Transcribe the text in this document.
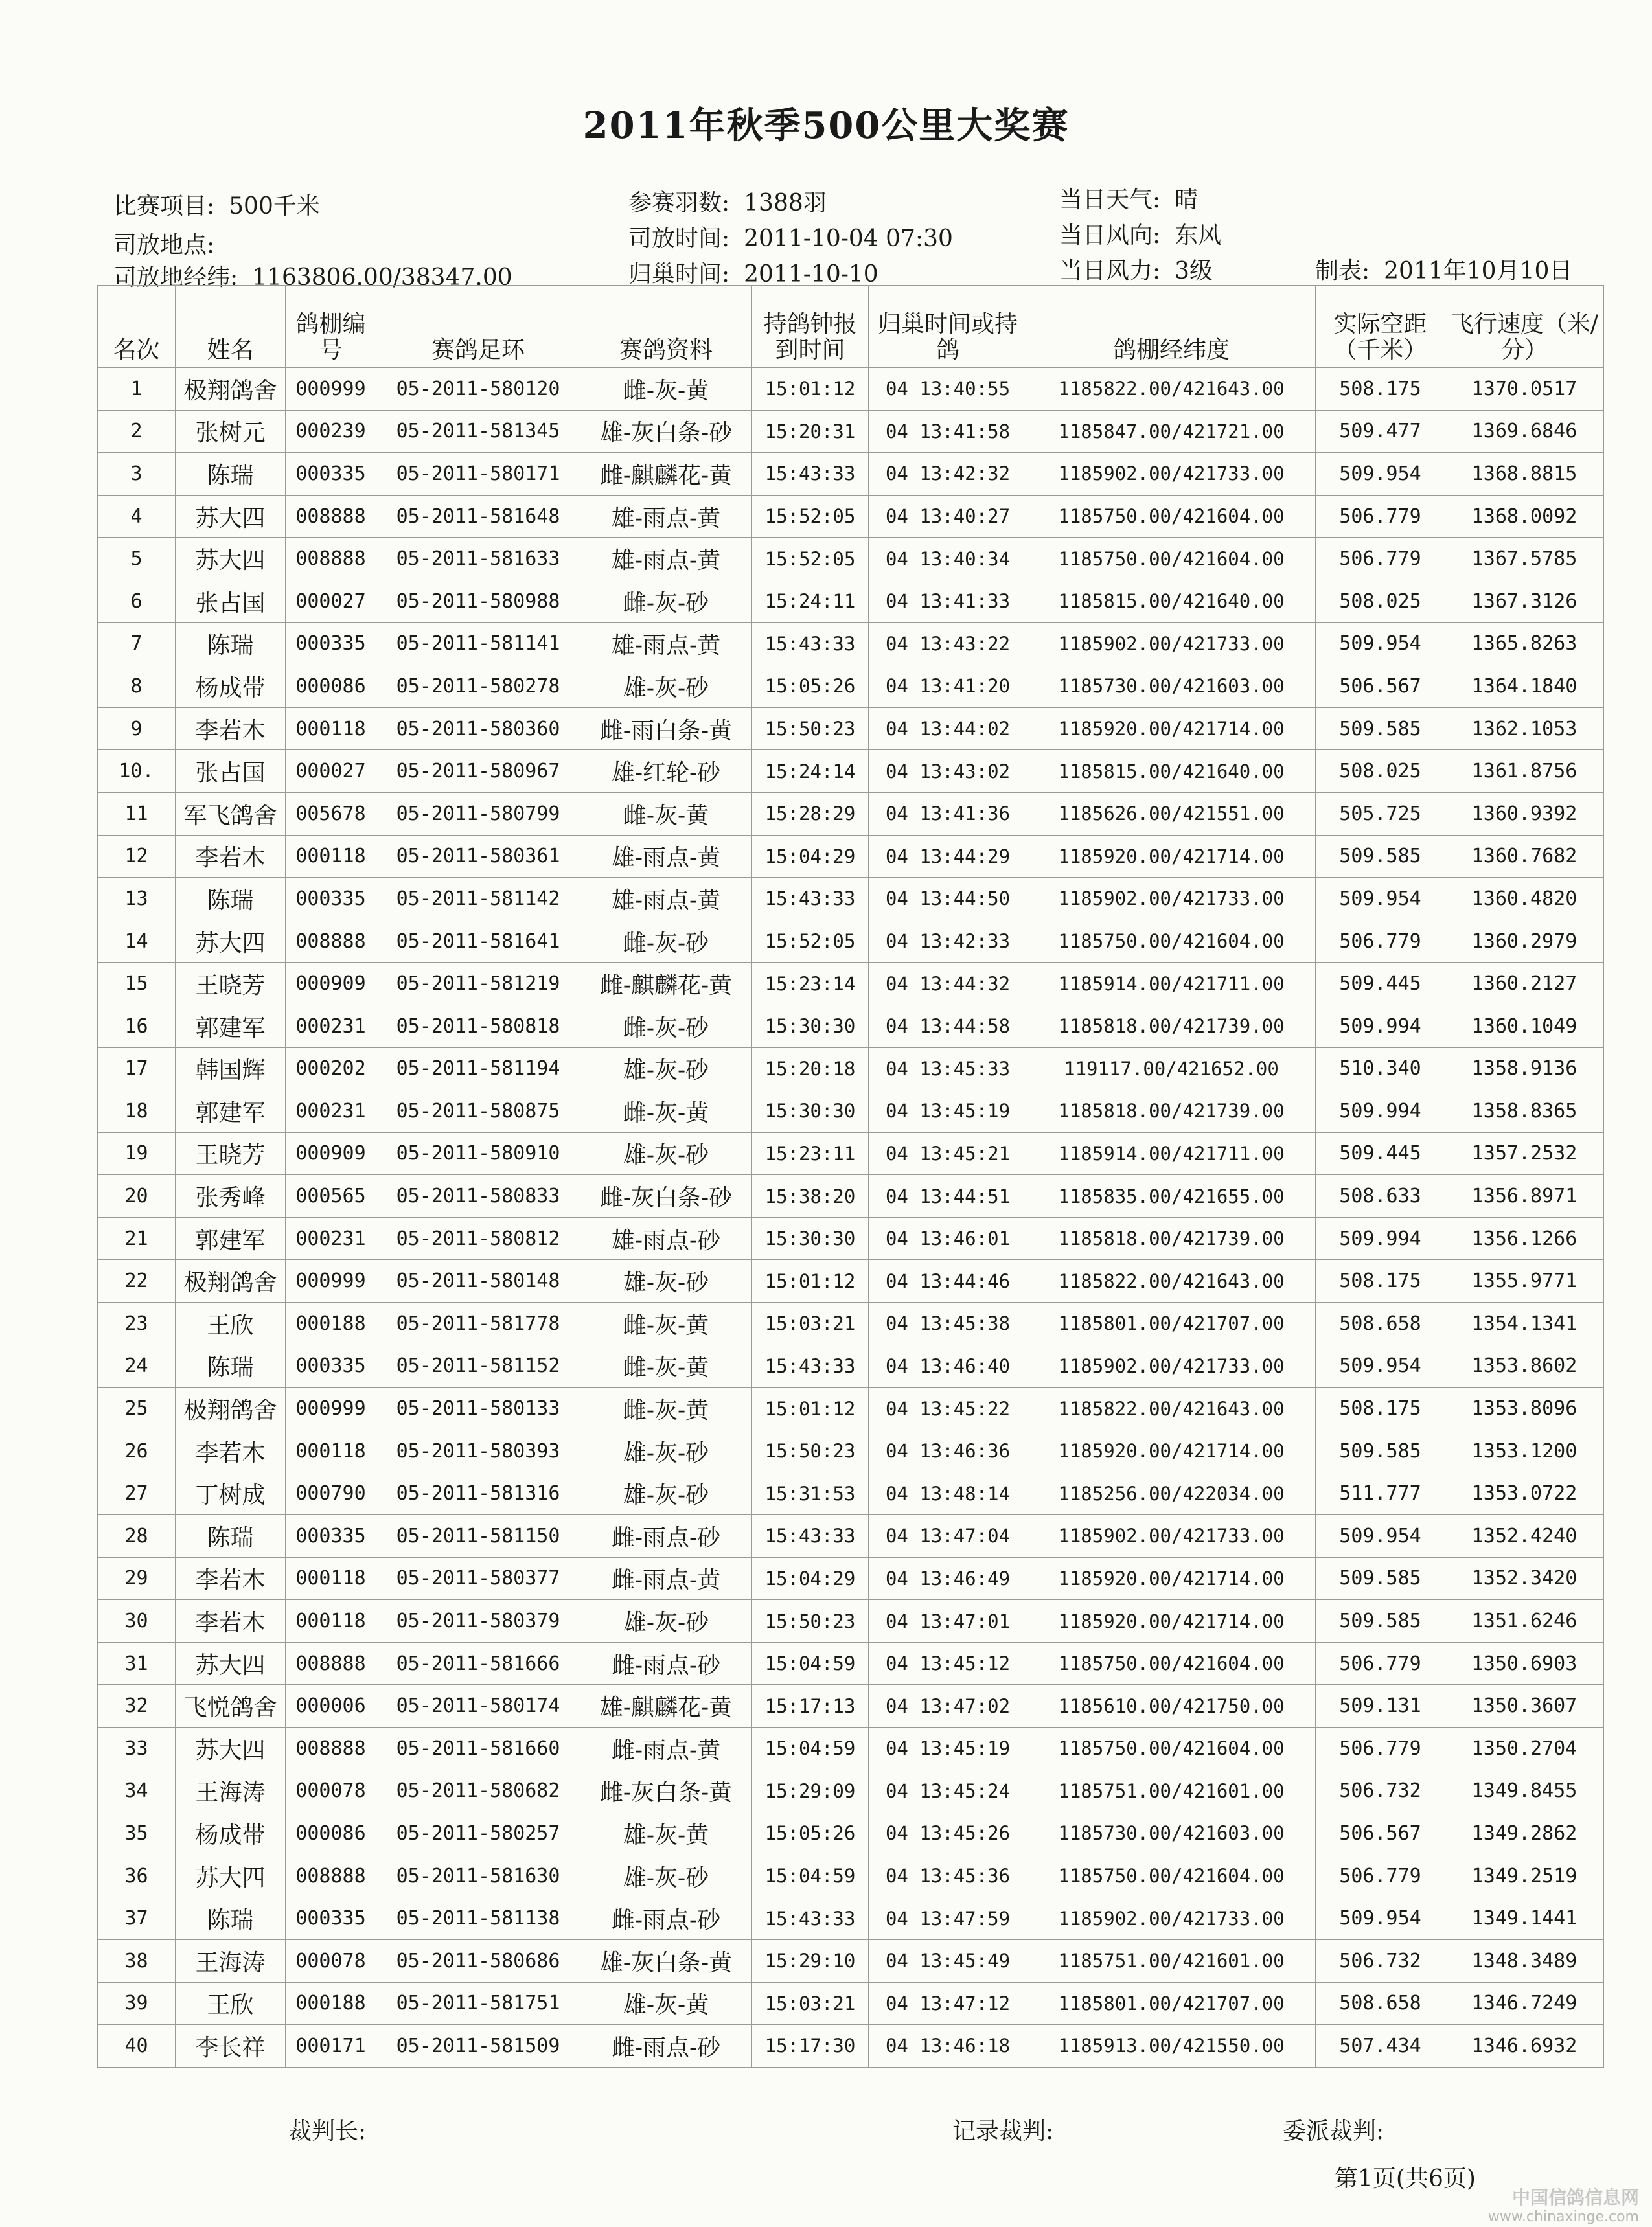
2011年秋季500公里大奖赛
比赛项目: 500千米
司放地点:
司放地经纬: 1163806.00/38347.00
参赛羽数: 1388羽
司放时间: 2011-10-04 07:30
归巢时间: 2011-10-10
当日天气: 晴
当日风向: 东风
当日风力: 3级	制表: 2011年10月10日
名次	姓名	鸽棚编号	赛鸽足环	赛鸽资料	持鸽钟报到时间	归巢时间或持鸽	鸽棚经纬度	实际空距（千米）	飞行速度（米/分）
1	极翔鸽舍	000999	05-2011-580120	雌-灰-黄	15:01:12	04 13:40:55	1185822.00/421643.00	508.175	1370.0517
2	张树元	000239	05-2011-581345	雄-灰白条-砂	15:20:31	04 13:41:58	1185847.00/421721.00	509.477	1369.6846
3	陈瑞	000335	05-2011-580171	雌-麒麟花-黄	15:43:33	04 13:42:32	1185902.00/421733.00	509.954	1368.8815
4	苏大四	008888	05-2011-581648	雄-雨点-黄	15:52:05	04 13:40:27	1185750.00/421604.00	506.779	1368.0092
5	苏大四	008888	05-2011-581633	雄-雨点-黄	15:52:05	04 13:40:34	1185750.00/421604.00	506.779	1367.5785
6	张占国	000027	05-2011-580988	雌-灰-砂	15:24:11	04 13:41:33	1185815.00/421640.00	508.025	1367.3126
7	陈瑞	000335	05-2011-581141	雄-雨点-黄	15:43:33	04 13:43:22	1185902.00/421733.00	509.954	1365.8263
8	杨成带	000086	05-2011-580278	雄-灰-砂	15:05:26	04 13:41:20	1185730.00/421603.00	506.567	1364.1840
9	李若木	000118	05-2011-580360	雌-雨白条-黄	15:50:23	04 13:44:02	1185920.00/421714.00	509.585	1362.1053
10.	张占国	000027	05-2011-580967	雄-红轮-砂	15:24:14	04 13:43:02	1185815.00/421640.00	508.025	1361.8756
11	军飞鸽舍	005678	05-2011-580799	雌-灰-黄	15:28:29	04 13:41:36	1185626.00/421551.00	505.725	1360.9392
12	李若木	000118	05-2011-580361	雄-雨点-黄	15:04:29	04 13:44:29	1185920.00/421714.00	509.585	1360.7682
13	陈瑞	000335	05-2011-581142	雄-雨点-黄	15:43:33	04 13:44:50	1185902.00/421733.00	509.954	1360.4820
14	苏大四	008888	05-2011-581641	雌-灰-砂	15:52:05	04 13:42:33	1185750.00/421604.00	506.779	1360.2979
15	王晓芳	000909	05-2011-581219	雌-麒麟花-黄	15:23:14	04 13:44:32	1185914.00/421711.00	509.445	1360.2127
16	郭建军	000231	05-2011-580818	雌-灰-砂	15:30:30	04 13:44:58	1185818.00/421739.00	509.994	1360.1049
17	韩国辉	000202	05-2011-581194	雄-灰-砂	15:20:18	04 13:45:33	119117.00/421652.00	510.340	1358.9136
18	郭建军	000231	05-2011-580875	雌-灰-黄	15:30:30	04 13:45:19	1185818.00/421739.00	509.994	1358.8365
19	王晓芳	000909	05-2011-580910	雄-灰-砂	15:23:11	04 13:45:21	1185914.00/421711.00	509.445	1357.2532
20	张秀峰	000565	05-2011-580833	雌-灰白条-砂	15:38:20	04 13:44:51	1185835.00/421655.00	508.633	1356.8971
21	郭建军	000231	05-2011-580812	雄-雨点-砂	15:30:30	04 13:46:01	1185818.00/421739.00	509.994	1356.1266
22	极翔鸽舍	000999	05-2011-580148	雄-灰-砂	15:01:12	04 13:44:46	1185822.00/421643.00	508.175	1355.9771
23	王欣	000188	05-2011-581778	雌-灰-黄	15:03:21	04 13:45:38	1185801.00/421707.00	508.658	1354.1341
24	陈瑞	000335	05-2011-581152	雌-灰-黄	15:43:33	04 13:46:40	1185902.00/421733.00	509.954	1353.8602
25	极翔鸽舍	000999	05-2011-580133	雌-灰-黄	15:01:12	04 13:45:22	1185822.00/421643.00	508.175	1353.8096
26	李若木	000118	05-2011-580393	雄-灰-砂	15:50:23	04 13:46:36	1185920.00/421714.00	509.585	1353.1200
27	丁树成	000790	05-2011-581316	雄-灰-砂	15:31:53	04 13:48:14	1185256.00/422034.00	511.777	1353.0722
28	陈瑞	000335	05-2011-581150	雌-雨点-砂	15:43:33	04 13:47:04	1185902.00/421733.00	509.954	1352.4240
29	李若木	000118	05-2011-580377	雌-雨点-黄	15:04:29	04 13:46:49	1185920.00/421714.00	509.585	1352.3420
30	李若木	000118	05-2011-580379	雄-灰-砂	15:50:23	04 13:47:01	1185920.00/421714.00	509.585	1351.6246
31	苏大四	008888	05-2011-581666	雌-雨点-砂	15:04:59	04 13:45:12	1185750.00/421604.00	506.779	1350.6903
32	飞悦鸽舍	000006	05-2011-580174	雄-麒麟花-黄	15:17:13	04 13:47:02	1185610.00/421750.00	509.131	1350.3607
33	苏大四	008888	05-2011-581660	雌-雨点-黄	15:04:59	04 13:45:19	1185750.00/421604.00	506.779	1350.2704
34	王海涛	000078	05-2011-580682	雌-灰白条-黄	15:29:09	04 13:45:24	1185751.00/421601.00	506.732	1349.8455
35	杨成带	000086	05-2011-580257	雄-灰-黄	15:05:26	04 13:45:26	1185730.00/421603.00	506.567	1349.2862
36	苏大四	008888	05-2011-581630	雄-灰-砂	15:04:59	04 13:45:36	1185750.00/421604.00	506.779	1349.2519
37	陈瑞	000335	05-2011-581138	雌-雨点-砂	15:43:33	04 13:47:59	1185902.00/421733.00	509.954	1349.1441
38	王海涛	000078	05-2011-580686	雄-灰白条-黄	15:29:10	04 13:45:49	1185751.00/421601.00	506.732	1348.3489
39	王欣	000188	05-2011-581751	雄-灰-黄	15:03:21	04 13:47:12	1185801.00/421707.00	508.658	1346.7249
40	李长祥	000171	05-2011-581509	雌-雨点-砂	15:17:30	04 13:46:18	1185913.00/421550.00	507.434	1346.6932
裁判长:	记录裁判:	委派裁判:
第1页(共6页)
中国信鸽信息网
www.chinaxinge.com
